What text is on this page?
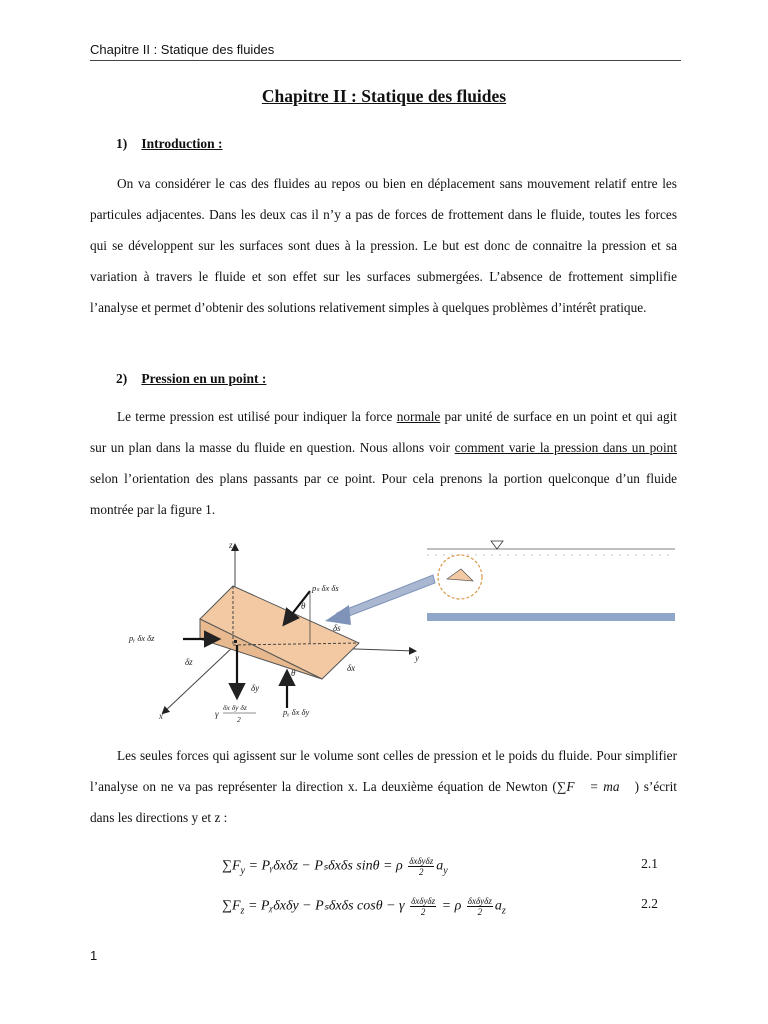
Chapitre II : Statique des fluides
Chapitre II : Statique des fluides
1) Introduction :

On va considérer le cas des fluides au repos ou bien en déplacement sans mouvement relatif entre les particules adjacentes. Dans les deux cas il n’y a pas de forces de frottement dans le fluide, toutes les forces qui se développent sur les surfaces sont dues à la pression. Le but est donc de connaitre la pression et sa variation à travers le fluide et son effet sur les surfaces submergées. L’absence de frottement simplifie l’analyse et permet d’obtenir des solutions relativement simples à quelques problèmes d’intérêt pratique.

2) Pression en un point :

Le terme pression est utilisé pour indiquer la force normale par unité de surface en un point et qui agit sur un plan dans la masse du fluide en question. Nous allons voir comment varie la pression dans un point selon l’orientation des plans passants par ce point. Pour cela prenons la portion quelconque d’un fluide montrée par la figure 1.

z
y
x
pₛ δx δs
θ
δs
pᵧ δx δz
δz
pᵪ δx δy
θ	δx
δy
γ
δx δy δz
2

Les seules forces qui agissent sur le volume sont celles de pression et le poids du fluide. Pour simplifier l’analyse on ne va pas représenter la direction x. La deuxième équation de Newton (∑F⃗ = ma⃗ ) s’écrit dans les directions y et z :

$\sum F_y$ = Pᵧδxδz − Pₛδxδs sinθ = ρ $\frac{\text{δxδyδz}}{2} a_y$
2.1
$\sum F_z$ = Pᵪδxδy − Pₛδxδs cosθ − γ $\frac{\text{δxδyδz}}{2} = \rho \frac{\text{δxδyδz}}{2} a_z$
2.2
1
